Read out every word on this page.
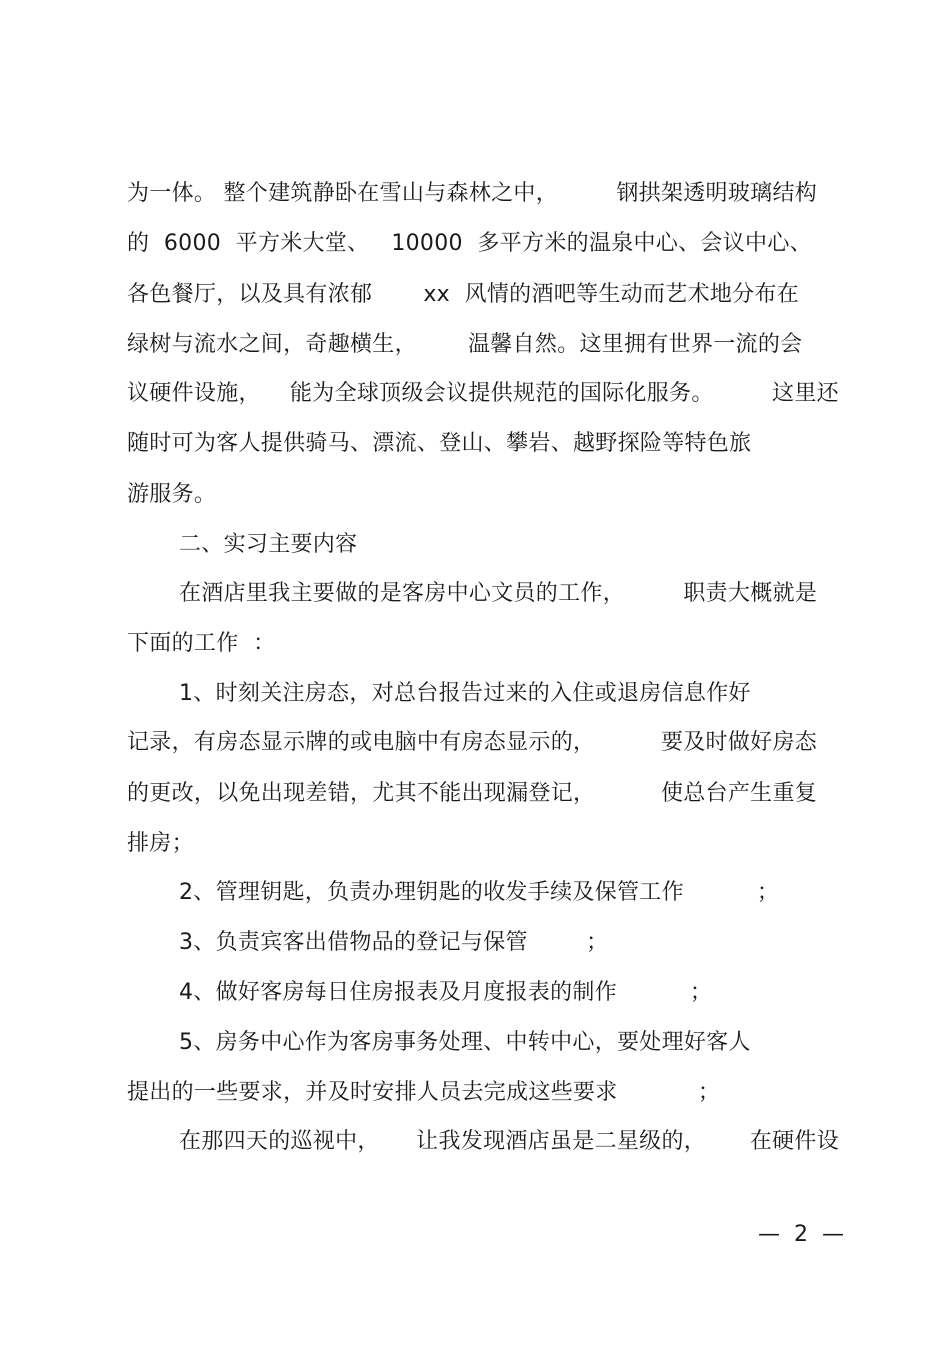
为一体。 整个建筑静卧在雪山与森林之中，        钢拱架透明玻璃结构
的  6000  平方米大堂、   10000  多平方米的温泉中心、会议中心、
各色餐厅，以及具有浓郁       xx  风情的酒吧等生动而艺术地分布在
绿树与流水之间，奇趣横生，       温馨自然。这里拥有世界一流的会
议硬件设施，    能为全球顶级会议提供规范的国际化服务。        这里还
随时可为客人提供骑马、漂流、登山、攀岩、越野探险等特色旅
游服务。
二、实习主要内容
在酒店里我主要做的是客房中心文员的工作，        职责大概就是
下面的工作  ：
1、时刻关注房态，对总台报告过来的入住或退房信息作好
记录，有房态显示牌的或电脑中有房态显示的，         要及时做好房态
的更改，以免出现差错，尤其不能出现漏登记，         使总台产生重复
排房；
2、管理钥匙，负责办理钥匙的收发手续及保管工作          ；
3、负责宾客出借物品的登记与保管        ；
4、做好客房每日住房报表及月度报表的制作          ；
5、房务中心作为客房事务处理、中转中心，要处理好客人
提出的一些要求，并及时安排人员去完成这些要求           ；
在那四天的巡视中，     让我发现酒店虽是二星级的，      在硬件设
—  2  —
